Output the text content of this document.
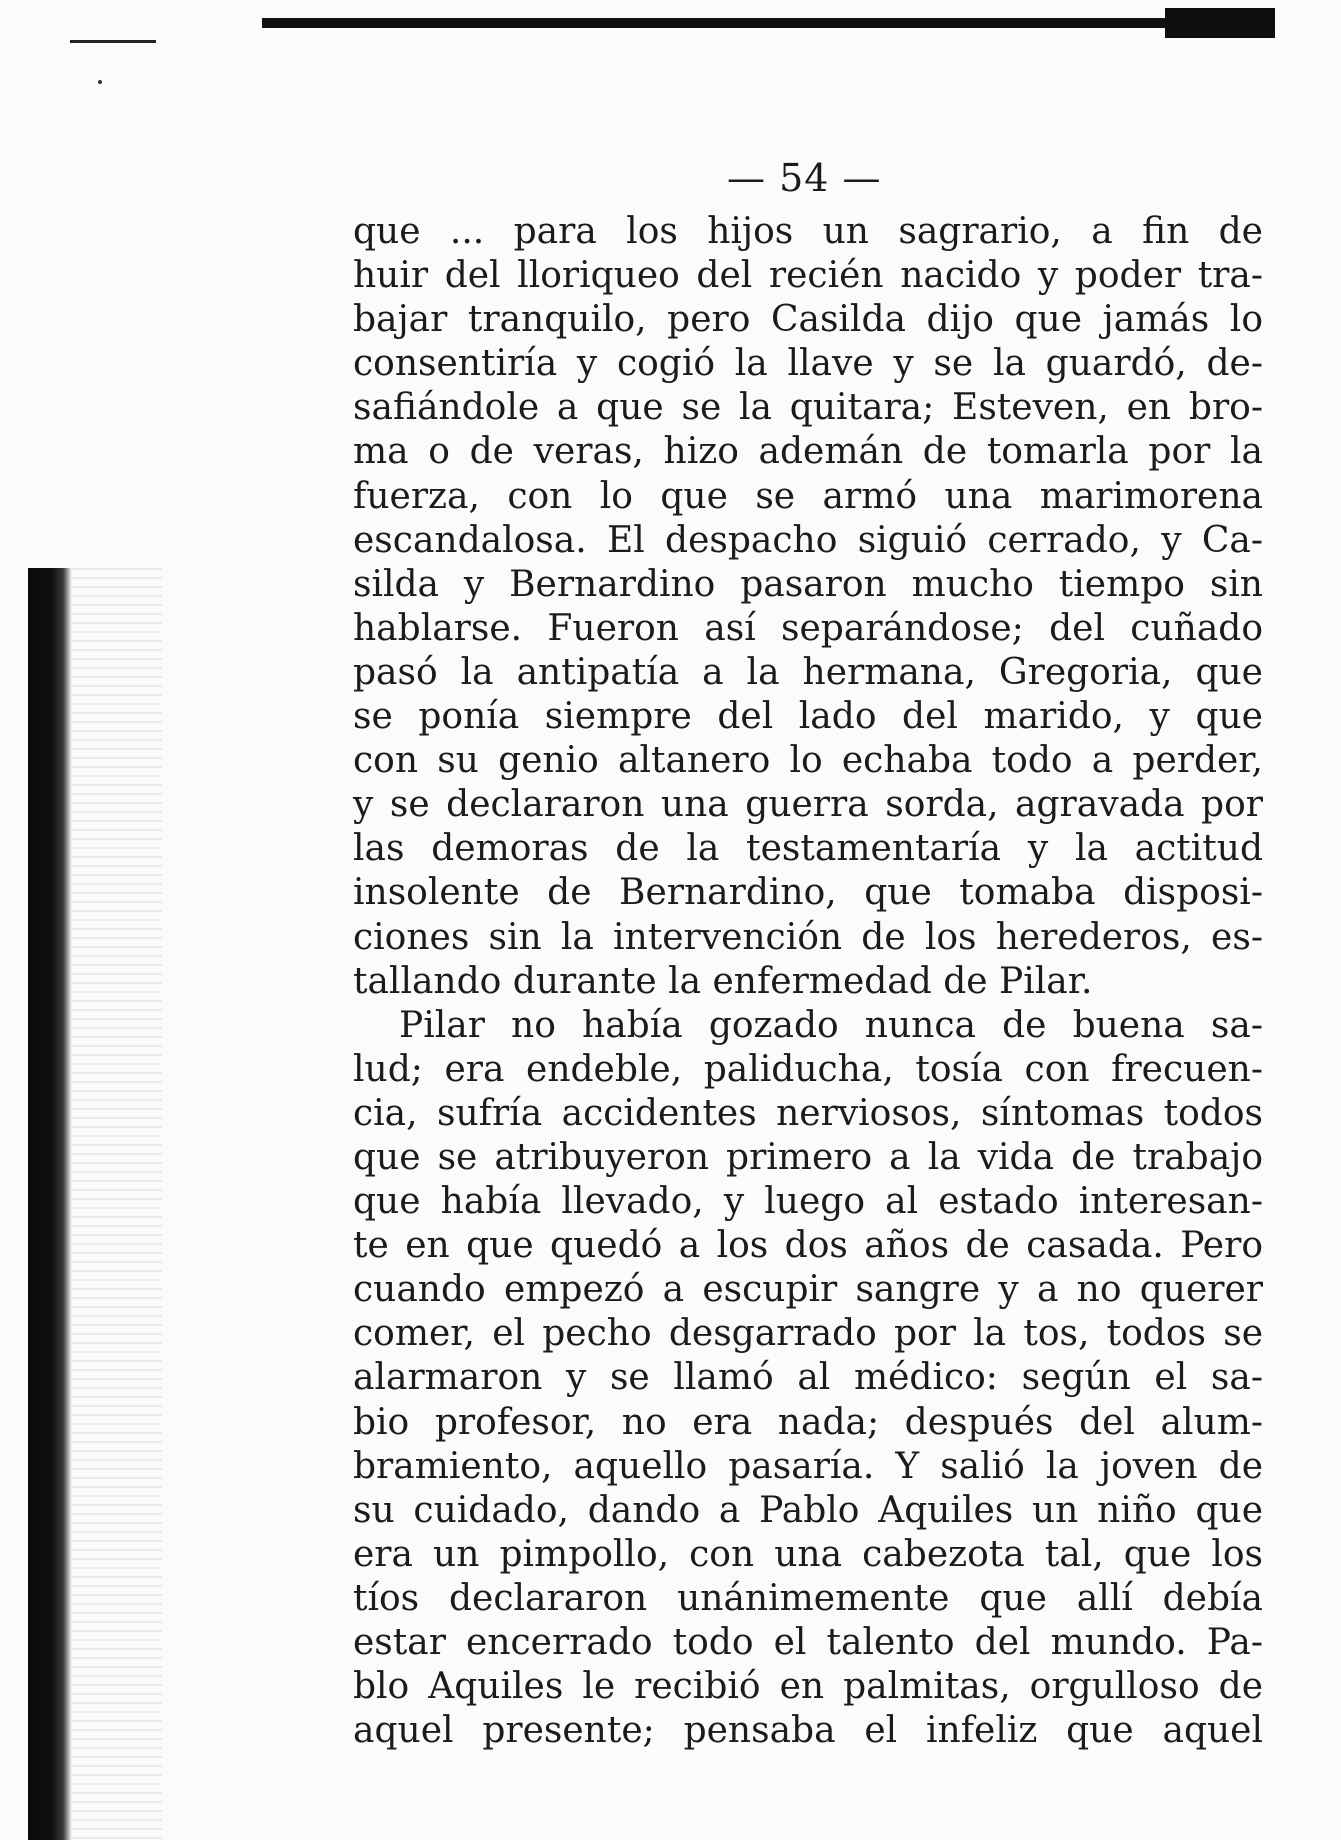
— 54 —
que ... para los hijos un sagrario, a fin de
huir del lloriqueo del recién nacido y poder tra-
bajar tranquilo, pero Casilda dijo que jamás lo
consentiría y cogió la llave y se la guardó, de-
safiándole a que se la quitara; Esteven, en bro-
ma o de veras, hizo ademán de tomarla por la
fuerza, con lo que se armó una marimorena
escandalosa. El despacho siguió cerrado, y Ca-
silda y Bernardino pasaron mucho tiempo sin
hablarse. Fueron así separándose; del cuñado
pasó la antipatía a la hermana, Gregoria, que
se ponía siempre del lado del marido, y que
con su genio altanero lo echaba todo a perder,
y se declararon una guerra sorda, agravada por
las demoras de la testamentaría y la actitud
insolente de Bernardino, que tomaba disposi-
ciones sin la intervención de los herederos, es-
tallando durante la enfermedad de Pilar.
Pilar no había gozado nunca de buena sa-
lud; era endeble, paliducha, tosía con frecuen-
cia, sufría accidentes nerviosos, síntomas todos
que se atribuyeron primero a la vida de trabajo
que había llevado, y luego al estado interesan-
te en que quedó a los dos años de casada. Pero
cuando empezó a escupir sangre y a no querer
comer, el pecho desgarrado por la tos, todos se
alarmaron y se llamó al médico: según el sa-
bio profesor, no era nada; después del alum-
bramiento, aquello pasaría. Y salió la joven de
su cuidado, dando a Pablo Aquiles un niño que
era un pimpollo, con una cabezota tal, que los
tíos declararon unánimemente que allí debía
estar encerrado todo el talento del mundo. Pa-
blo Aquiles le recibió en palmitas, orgulloso de
aquel presente; pensaba el infeliz que aquel
